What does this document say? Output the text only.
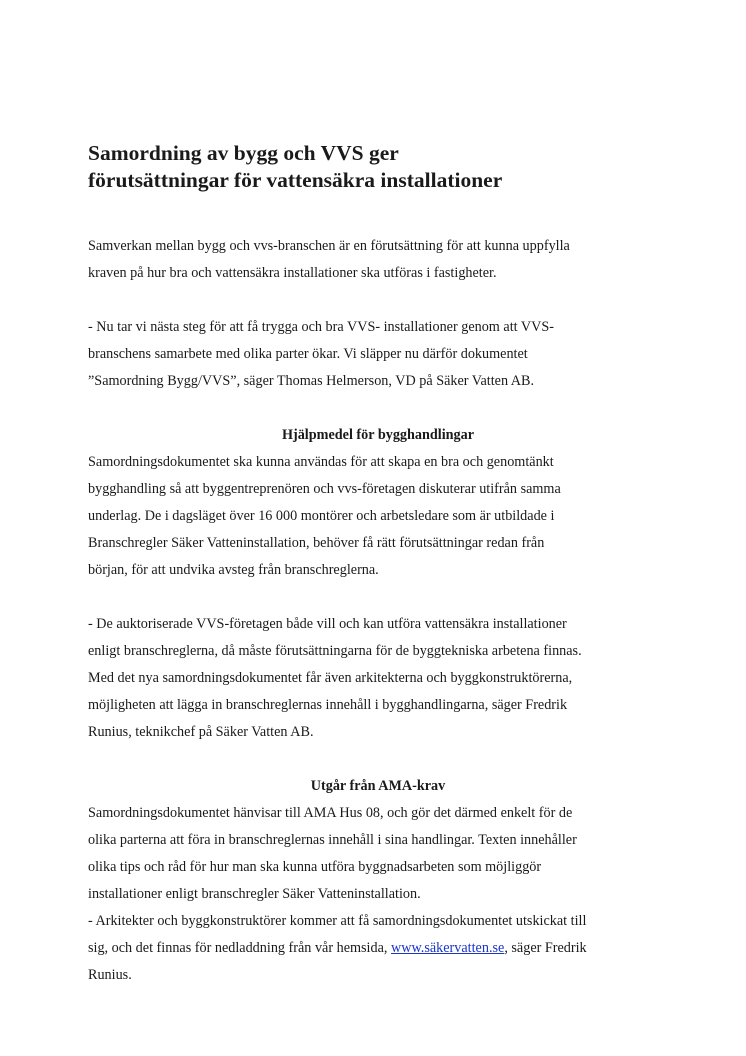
Samordning av bygg och VVS ger
förutsättningar för vattensäkra installationer

Samverkan mellan bygg och vvs-branschen är en förutsättning för att kunna uppfylla
kraven på hur bra och vattensäkra installationer ska utföras i fastigheter.

- Nu tar vi nästa steg för att få trygga och bra VVS- installationer genom att VVS-
branschens samarbete med olika parter ökar. Vi släpper nu därför dokumentet
”Samordning Bygg/VVS”, säger Thomas Helmerson, VD på Säker Vatten AB.

Hjälpmedel för bygghandlingar

Samordningsdokumentet ska kunna användas för att skapa en bra och genomtänkt
bygghandling så att byggentreprenören och vvs-företagen diskuterar utifrån samma
underlag. De i dagsläget över 16 000 montörer och arbetsledare som är utbildade i
Branschregler Säker Vatteninstallation, behöver få rätt förutsättningar redan från
början, för att undvika avsteg från branschreglerna.

- De auktoriserade VVS-företagen både vill och kan utföra vattensäkra installationer
enligt branschreglerna, då måste förutsättningarna för de byggtekniska arbetena finnas.
Med det nya samordningsdokumentet får även arkitekterna och byggkonstruktörerna,
möjligheten att lägga in branschreglernas innehåll i bygghandlingarna, säger Fredrik
Runius, teknikchef på Säker Vatten AB.

Utgår från AMA-krav

Samordningsdokumentet hänvisar till AMA Hus 08, och gör det därmed enkelt för de
olika parterna att föra in branschreglernas innehåll i sina handlingar. Texten innehåller
olika tips och råd för hur man ska kunna utföra byggnadsarbeten som möjliggör
installationer enligt branschregler Säker Vatteninstallation.

- Arkitekter och byggkonstruktörer kommer att få samordningsdokumentet utskickat till
sig, och det finnas för nedladdning från vår hemsida, www.säkervatten.se, säger Fredrik
Runius.
